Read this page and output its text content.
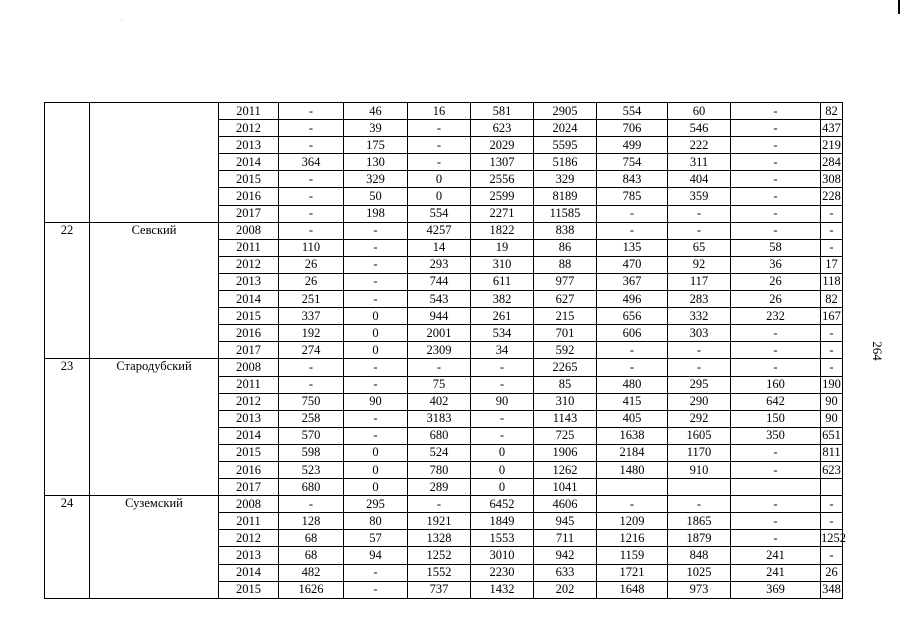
		2011	-	46	16	581	2905	554	60	-	82
		2012	-	39	-	623	2024	706	546	-	437
		2013	-	175	-	2029	5595	499	222	-	219
		2014	364	130	-	1307	5186	754	311	-	284
		2015	-	329	0	2556	329	843	404	-	308
		2016	-	50	0	2599	8189	785	359	-	228
		2017	-	198	554	2271	11585	-	-	-	-
22	Севский	2008	-	-	4257	1822	838	-	-	-	-
		2011	110	-	14	19	86	135	65	58	-
		2012	26	-	293	310	88	470	92	36	17
		2013	26	-	744	611	977	367	117	26	118
		2014	251	-	543	382	627	496	283	26	82
		2015	337	0	944	261	215	656	332	232	167
		2016	192	0	2001	534	701	606	303	-	-
		2017	274	0	2309	34	592	-	-	-	-
23	Стародубский	2008	-	-	-	-	2265	-	-	-	-
		2011	-	-	75	-	85	480	295	160	190
		2012	750	90	402	90	310	415	290	642	90
		2013	258	-	3183	-	1143	405	292	150	90
		2014	570	-	680	-	725	1638	1605	350	651
		2015	598	0	524	0	1906	2184	1170	-	811
		2016	523	0	780	0	1262	1480	910	-	623
		2017	680	0	289	0	1041				
24	Суземский	2008	-	295	-	6452	4606	-	-	-	-
		2011	128	80	1921	1849	945	1209	1865	-	-
		2012	68	57	1328	1553	711	1216	1879	-	1252
		2013	68	94	1252	3010	942	1159	848	241	-
		2014	482	-	1552	2230	633	1721	1025	241	26
		2015	1626	-	737	1432	202	1648	973	369	348
264
